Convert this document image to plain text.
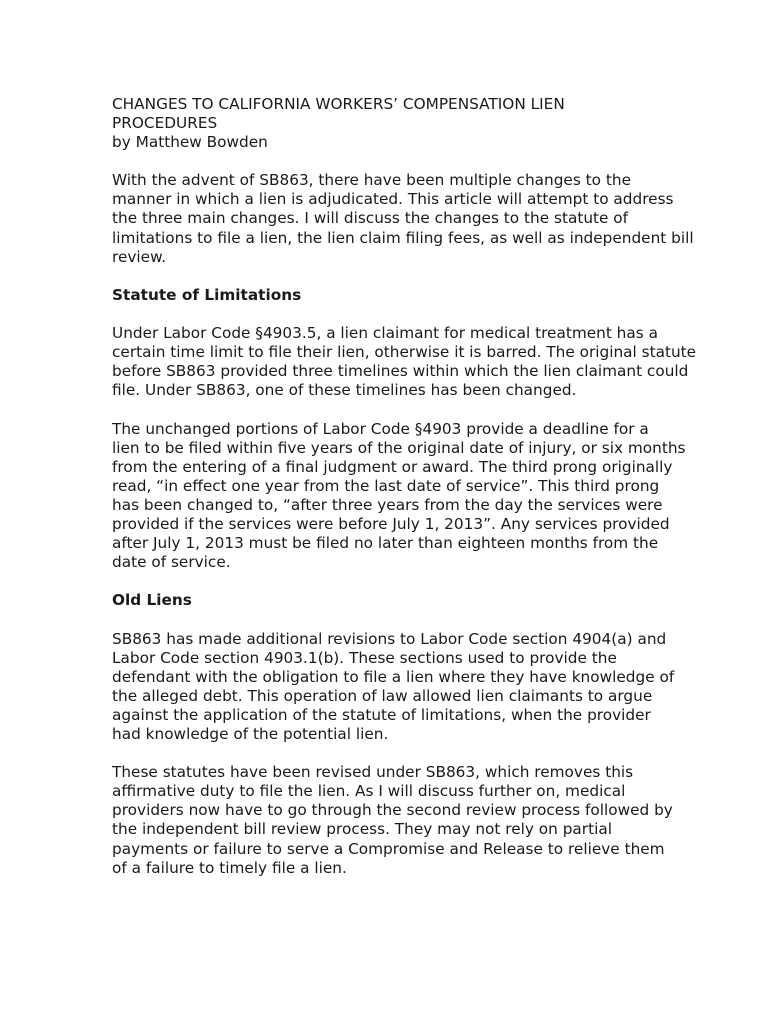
CHANGES TO CALIFORNIA WORKERS’ COMPENSATION LIEN
PROCEDURES
by Matthew Bowden

With the advent of SB863, there have been multiple changes to the
manner in which a lien is adjudicated. This article will attempt to address
the three main changes. I will discuss the changes to the statute of
limitations to file a lien, the lien claim filing fees, as well as independent bill
review.

Statute of Limitations

Under Labor Code §4903.5, a lien claimant for medical treatment has a
certain time limit to file their lien, otherwise it is barred. The original statute
before SB863 provided three timelines within which the lien claimant could
file. Under SB863, one of these timelines has been changed.

The unchanged portions of Labor Code §4903 provide a deadline for a
lien to be filed within five years of the original date of injury, or six months
from the entering of a final judgment or award. The third prong originally
read, “in effect one year from the last date of service”. This third prong
has been changed to, “after three years from the day the services were
provided if the services were before July 1, 2013”. Any services provided
after July 1, 2013 must be filed no later than eighteen months from the
date of service.

Old Liens

SB863 has made additional revisions to Labor Code section 4904(a) and
Labor Code section 4903.1(b). These sections used to provide the
defendant with the obligation to file a lien where they have knowledge of
the alleged debt. This operation of law allowed lien claimants to argue
against the application of the statute of limitations, when the provider
had knowledge of the potential lien.

These statutes have been revised under SB863, which removes this
affirmative duty to file the lien. As I will discuss further on, medical
providers now have to go through the second review process followed by
the independent bill review process. They may not rely on partial
payments or failure to serve a Compromise and Release to relieve them
of a failure to timely file a lien.
